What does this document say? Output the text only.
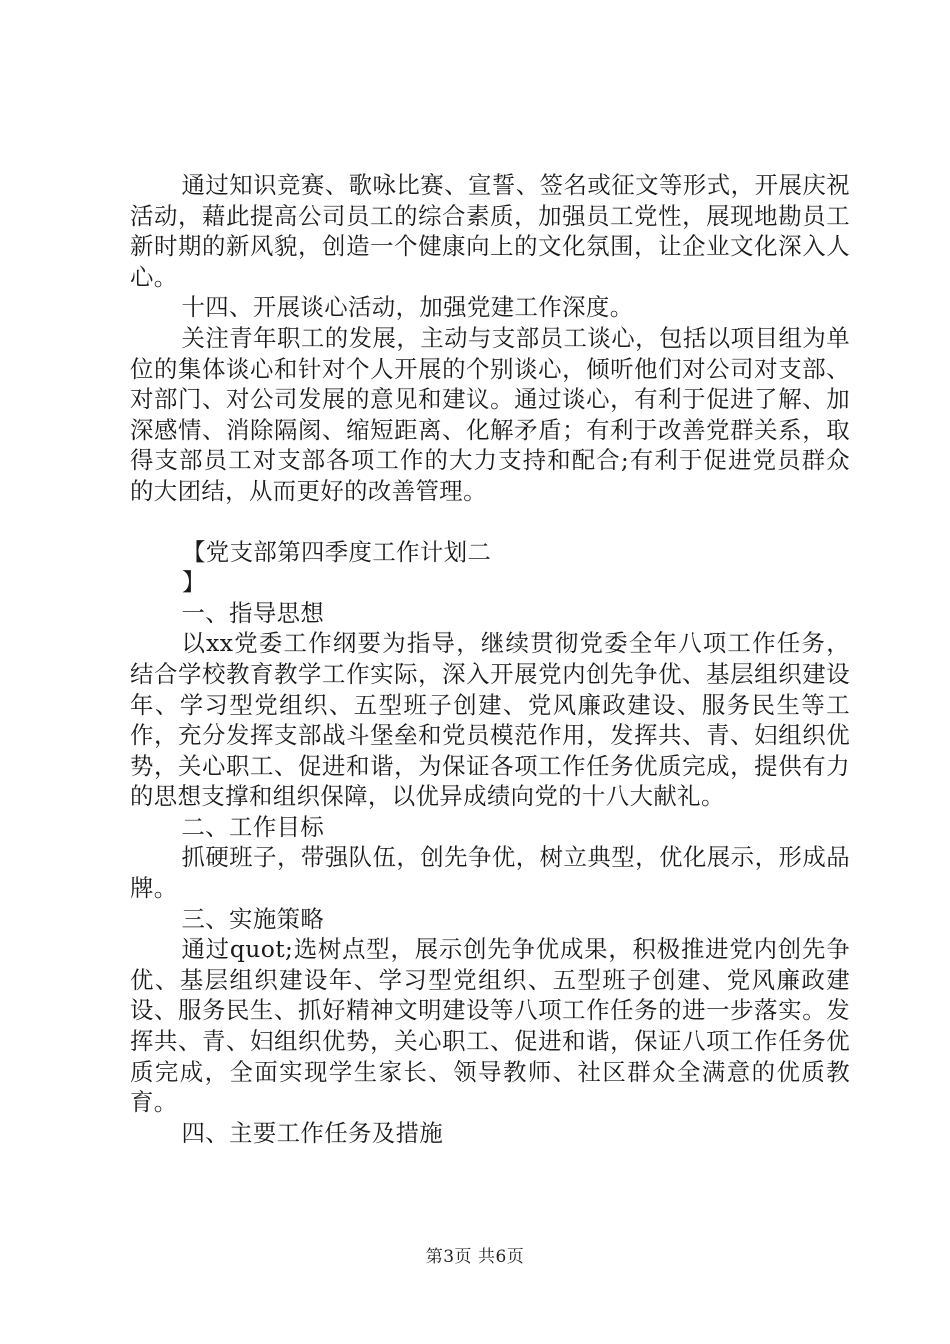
通过知识竞赛、歌咏比赛、宣誓、签名或征文等形式，开展庆祝活动，藉此提高公司员工的综合素质，加强员工党性，展现地勘员工新时期的新风貌，创造一个健康向上的文化氛围，让企业文化深入人心。

十四、开展谈心活动，加强党建工作深度。

关注青年职工的发展，主动与支部员工谈心，包括以项目组为单位的集体谈心和针对个人开展的个别谈心，倾听他们对公司对支部、对部门、对公司发展的意见和建议。通过谈心，有利于促进了解、加深感情、消除隔阂、缩短距离、化解矛盾；有利于改善党群关系，取得支部员工对支部各项工作的大力支持和配合;有利于促进党员群众的大团结，从而更好的改善管理。

【党支部第四季度工作计划二
】

一、指导思想

以xx党委工作纲要为指导，继续贯彻党委全年八项工作任务，结合学校教育教学工作实际，深入开展党内创先争优、基层组织建设年、学习型党组织、五型班子创建、党风廉政建设、服务民生等工作，充分发挥支部战斗堡垒和党员模范作用，发挥共、青、妇组织优势，关心职工、促进和谐，为保证各项工作任务优质完成，提供有力的思想支撑和组织保障，以优异成绩向党的十八大献礼。

二、工作目标

抓硬班子，带强队伍，创先争优，树立典型，优化展示，形成品牌。

三、实施策略

通过quot;选树点型，展示创先争优成果，积极推进党内创先争优、基层组织建设年、学习型党组织、五型班子创建、党风廉政建设、服务民生、抓好精神文明建设等八项工作任务的进一步落实。发挥共、青、妇组织优势，关心职工、促进和谐，保证八项工作任务优质完成，全面实现学生家长、领导教师、社区群众全满意的优质教育。

四、主要工作任务及措施

第3页 共6页
